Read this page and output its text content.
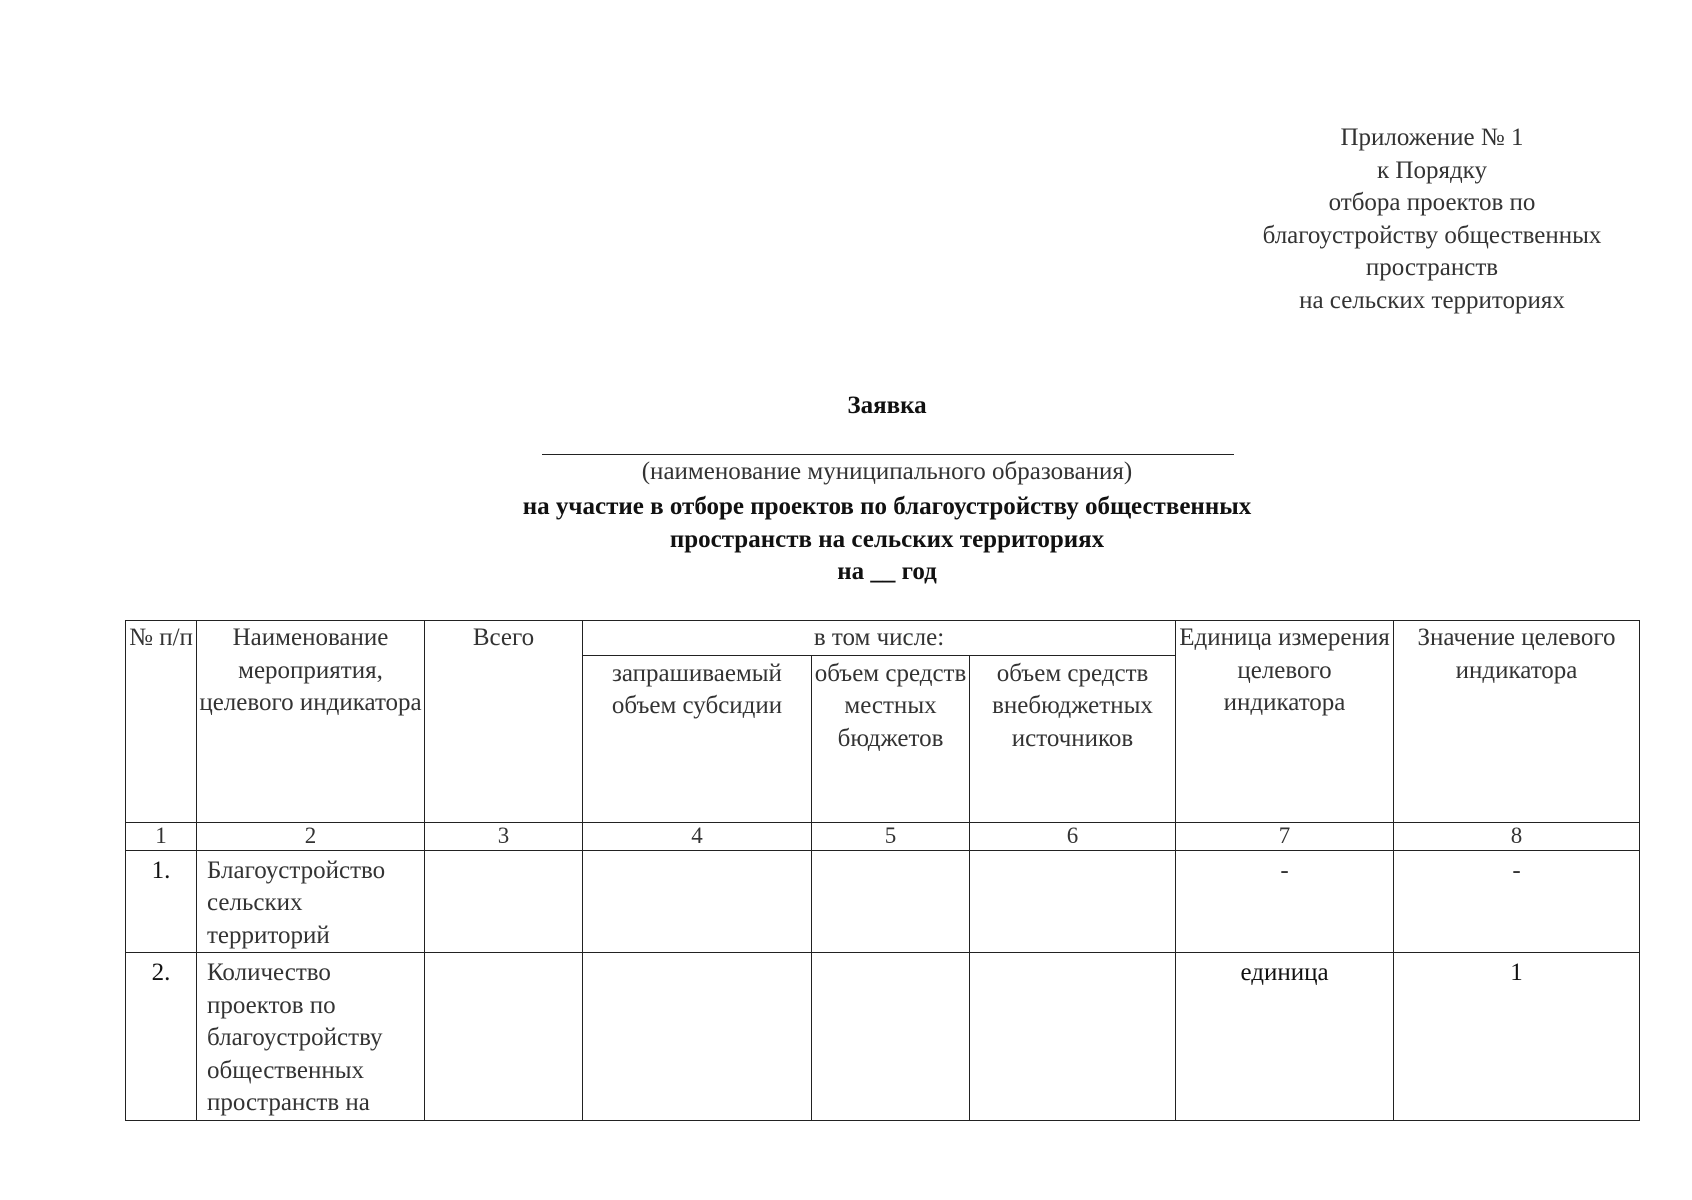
Приложение № 1
к Порядку
отбора проектов по
благоустройству общественных
пространств
на сельских территориях
Заявка
(наименование муниципального образования)
на участие в отборе проектов по благоустройству общественных
пространств на сельских территориях
на __ год
№ п/п	Наименование мероприятия, целевого индикатора	Всего	в том числе:			Единица измерения целевого индикатора	Значение целевого индикатора
			запрашиваемый объем субсидии	объем средств местных бюджетов	объем средств внебюджетных источников		
1	2	3	4	5	6	7	8
1.	Благоустройство сельских территорий					-	-
2.	Количество проектов по благоустройству общественных пространств на					единица	1
